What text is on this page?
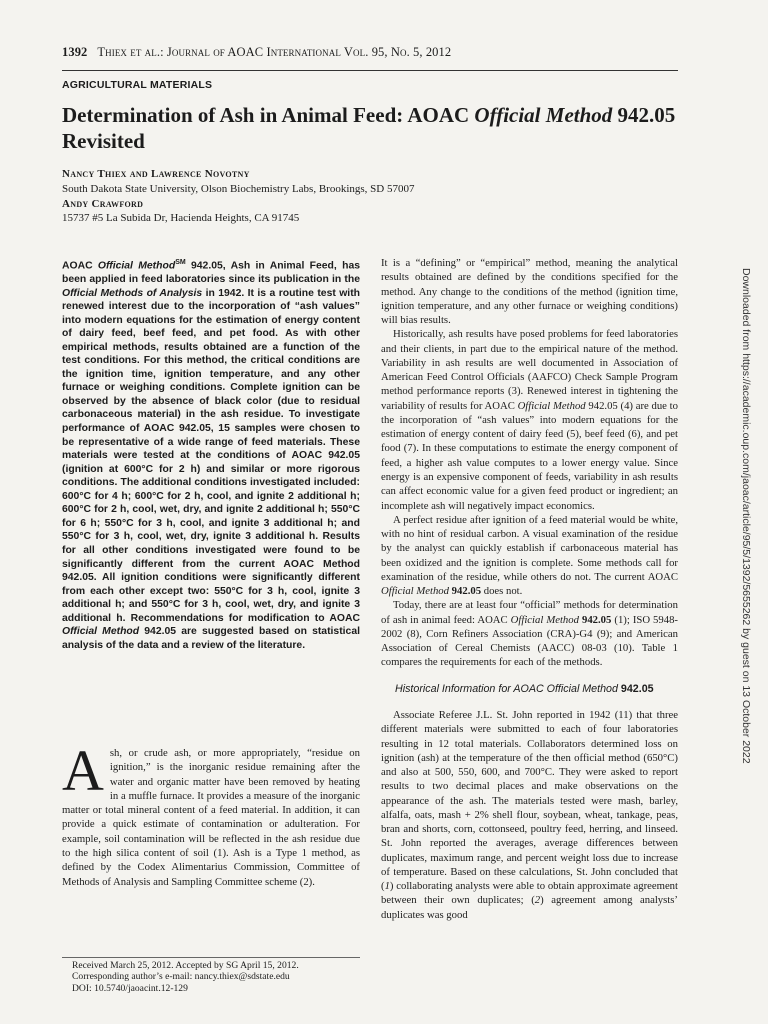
1392 Thiex et al.: Journal of AOAC International Vol. 95, No. 5, 2012
AGRICULTURAL MATERIALS
Determination of Ash in Animal Feed: AOAC Official Method 942.05 Revisited
Nancy Thiex and Lawrence Novotny
South Dakota State University, Olson Biochemistry Labs, Brookings, SD 57007
Andy Crawford
15737 #5 La Subida Dr, Hacienda Heights, CA 91745

AOAC Official Method℠ 942.05, Ash in Animal Feed, has been applied in feed laboratories since its publication in the Official Methods of Analysis in 1942. It is a routine test with renewed interest due to the incorporation of “ash values” into modern equations for the estimation of energy content of dairy feed, beef feed, and pet food. As with other empirical methods, results obtained are a function of the test conditions. For this method, the critical conditions are the ignition time, ignition temperature, and any other furnace or weighing conditions. Complete ignition can be observed by the absence of black color (due to residual carbonaceous material) in the ash residue. To investigate performance of AOAC 942.05, 15 samples were chosen to be representative of a wide range of feed materials. These materials were tested at the conditions of AOAC 942.05 (ignition at 600°C for 2 h) and similar or more rigorous conditions. The additional conditions investigated included: 600°C for 4 h; 600°C for 2 h, cool, and ignite 2 additional h; 600°C for 2 h, cool, wet, dry, and ignite 2 additional h; 550°C for 6 h; 550°C for 3 h, cool, and ignite 3 additional h; and 550°C for 3 h, cool, wet, dry, ignite 3 additional h. Results for all other conditions investigated were found to be significantly different from the current AOAC Method 942.05. All ignition conditions were significantly different from each other except two: 550°C for 3 h, cool, ignite 3 additional h; and 550°C for 3 h, cool, wet, dry, and ignite 3 additional h. Recommendations for modification to AOAC Official Method 942.05 are suggested based on statistical analysis of the data and a review of the literature.

Ash, or crude ash, or more appropriately, “residue on ignition,” is the inorganic residue remaining after the water and organic matter have been removed by heating in a muffle furnace. It provides a measure of the inorganic matter or total mineral content of a feed material. In addition, it can provide a quick estimate of contamination or adulteration. For example, soil contamination will be reflected in the ash residue due to the high silica content of soil (1). Ash is a Type 1 method, as defined by the Codex Alimentarius Commission, Committee of Methods of Analysis and Sampling Committee scheme (2).

Received March 25, 2012. Accepted by SG April 15, 2012.
Corresponding author’s e-mail: nancy.thiex@sdstate.edu
DOI: 10.5740/jaoacint.12-129

It is a “defining” or “empirical” method, meaning the analytical results obtained are defined by the conditions specified for the method. Any change to the conditions of the method (ignition time, ignition temperature, and any other furnace or weighing conditions) will bias results.

Historically, ash results have posed problems for feed laboratories and their clients, in part due to the empirical nature of the method. Variability in ash results are well documented in Association of American Feed Control Officials (AAFCO) Check Sample Program method performance reports (3). Renewed interest in tightening the variability of results for AOAC Official Method 942.05 (4) are due to the incorporation of “ash values” into modern equations for the estimation of energy content of dairy feed (5), beef feed (6), and pet food (7). In these computations to estimate the energy component of feed, a higher ash value computes to a lower energy value. Since energy is an expensive component of feeds, variability in ash results can affect economic value for a given feed product or ingredient; an incomplete ash will negatively impact economics.

A perfect residue after ignition of a feed material would be white, with no hint of residual carbon. A visual examination of the residue by the analyst can quickly establish if carbonaceous material has been oxidized and the ignition is complete. Some methods call for examination of the residue, while others do not. The current AOAC Official Method 942.05 does not.

Today, there are at least four “official” methods for determination of ash in animal feed: AOAC Official Method 942.05 (1); ISO 5948-2002 (8), Corn Refiners Association (CRA)-G4 (9); and American Association of Cereal Chemists (AACC) 08-03 (10). Table 1 compares the requirements for each of the methods.

Historical Information for AOAC Official Method 942.05

Associate Referee J.L. St. John reported in 1942 (11) that three different materials were submitted to each of four laboratories resulting in 12 total materials. Collaborators determined loss on ignition (ash) at the temperature of the then official method (650°C) and also at 500, 550, 600, and 700°C. They were asked to report results to two decimal places and make observations on the appearance of the ash. The materials tested were mash, barley, alfalfa, oats, mash + 2% shell flour, soybean, wheat, tankage, peas, bran and shorts, corn, cottonseed, poultry feed, herring, and linseed. St. John reported the averages, average differences between duplicates, maximum range, and percent weight loss due to increase of temperature. Based on these calculations, St. John concluded that (1) collaborating analysts were able to obtain approximate agreement between their own duplicates; (2) agreement among analysts’ duplicates was good

Downloaded from https://academic.oup.com/jaoac/article/95/5/1392/5655262 by guest on 13 October 2022
